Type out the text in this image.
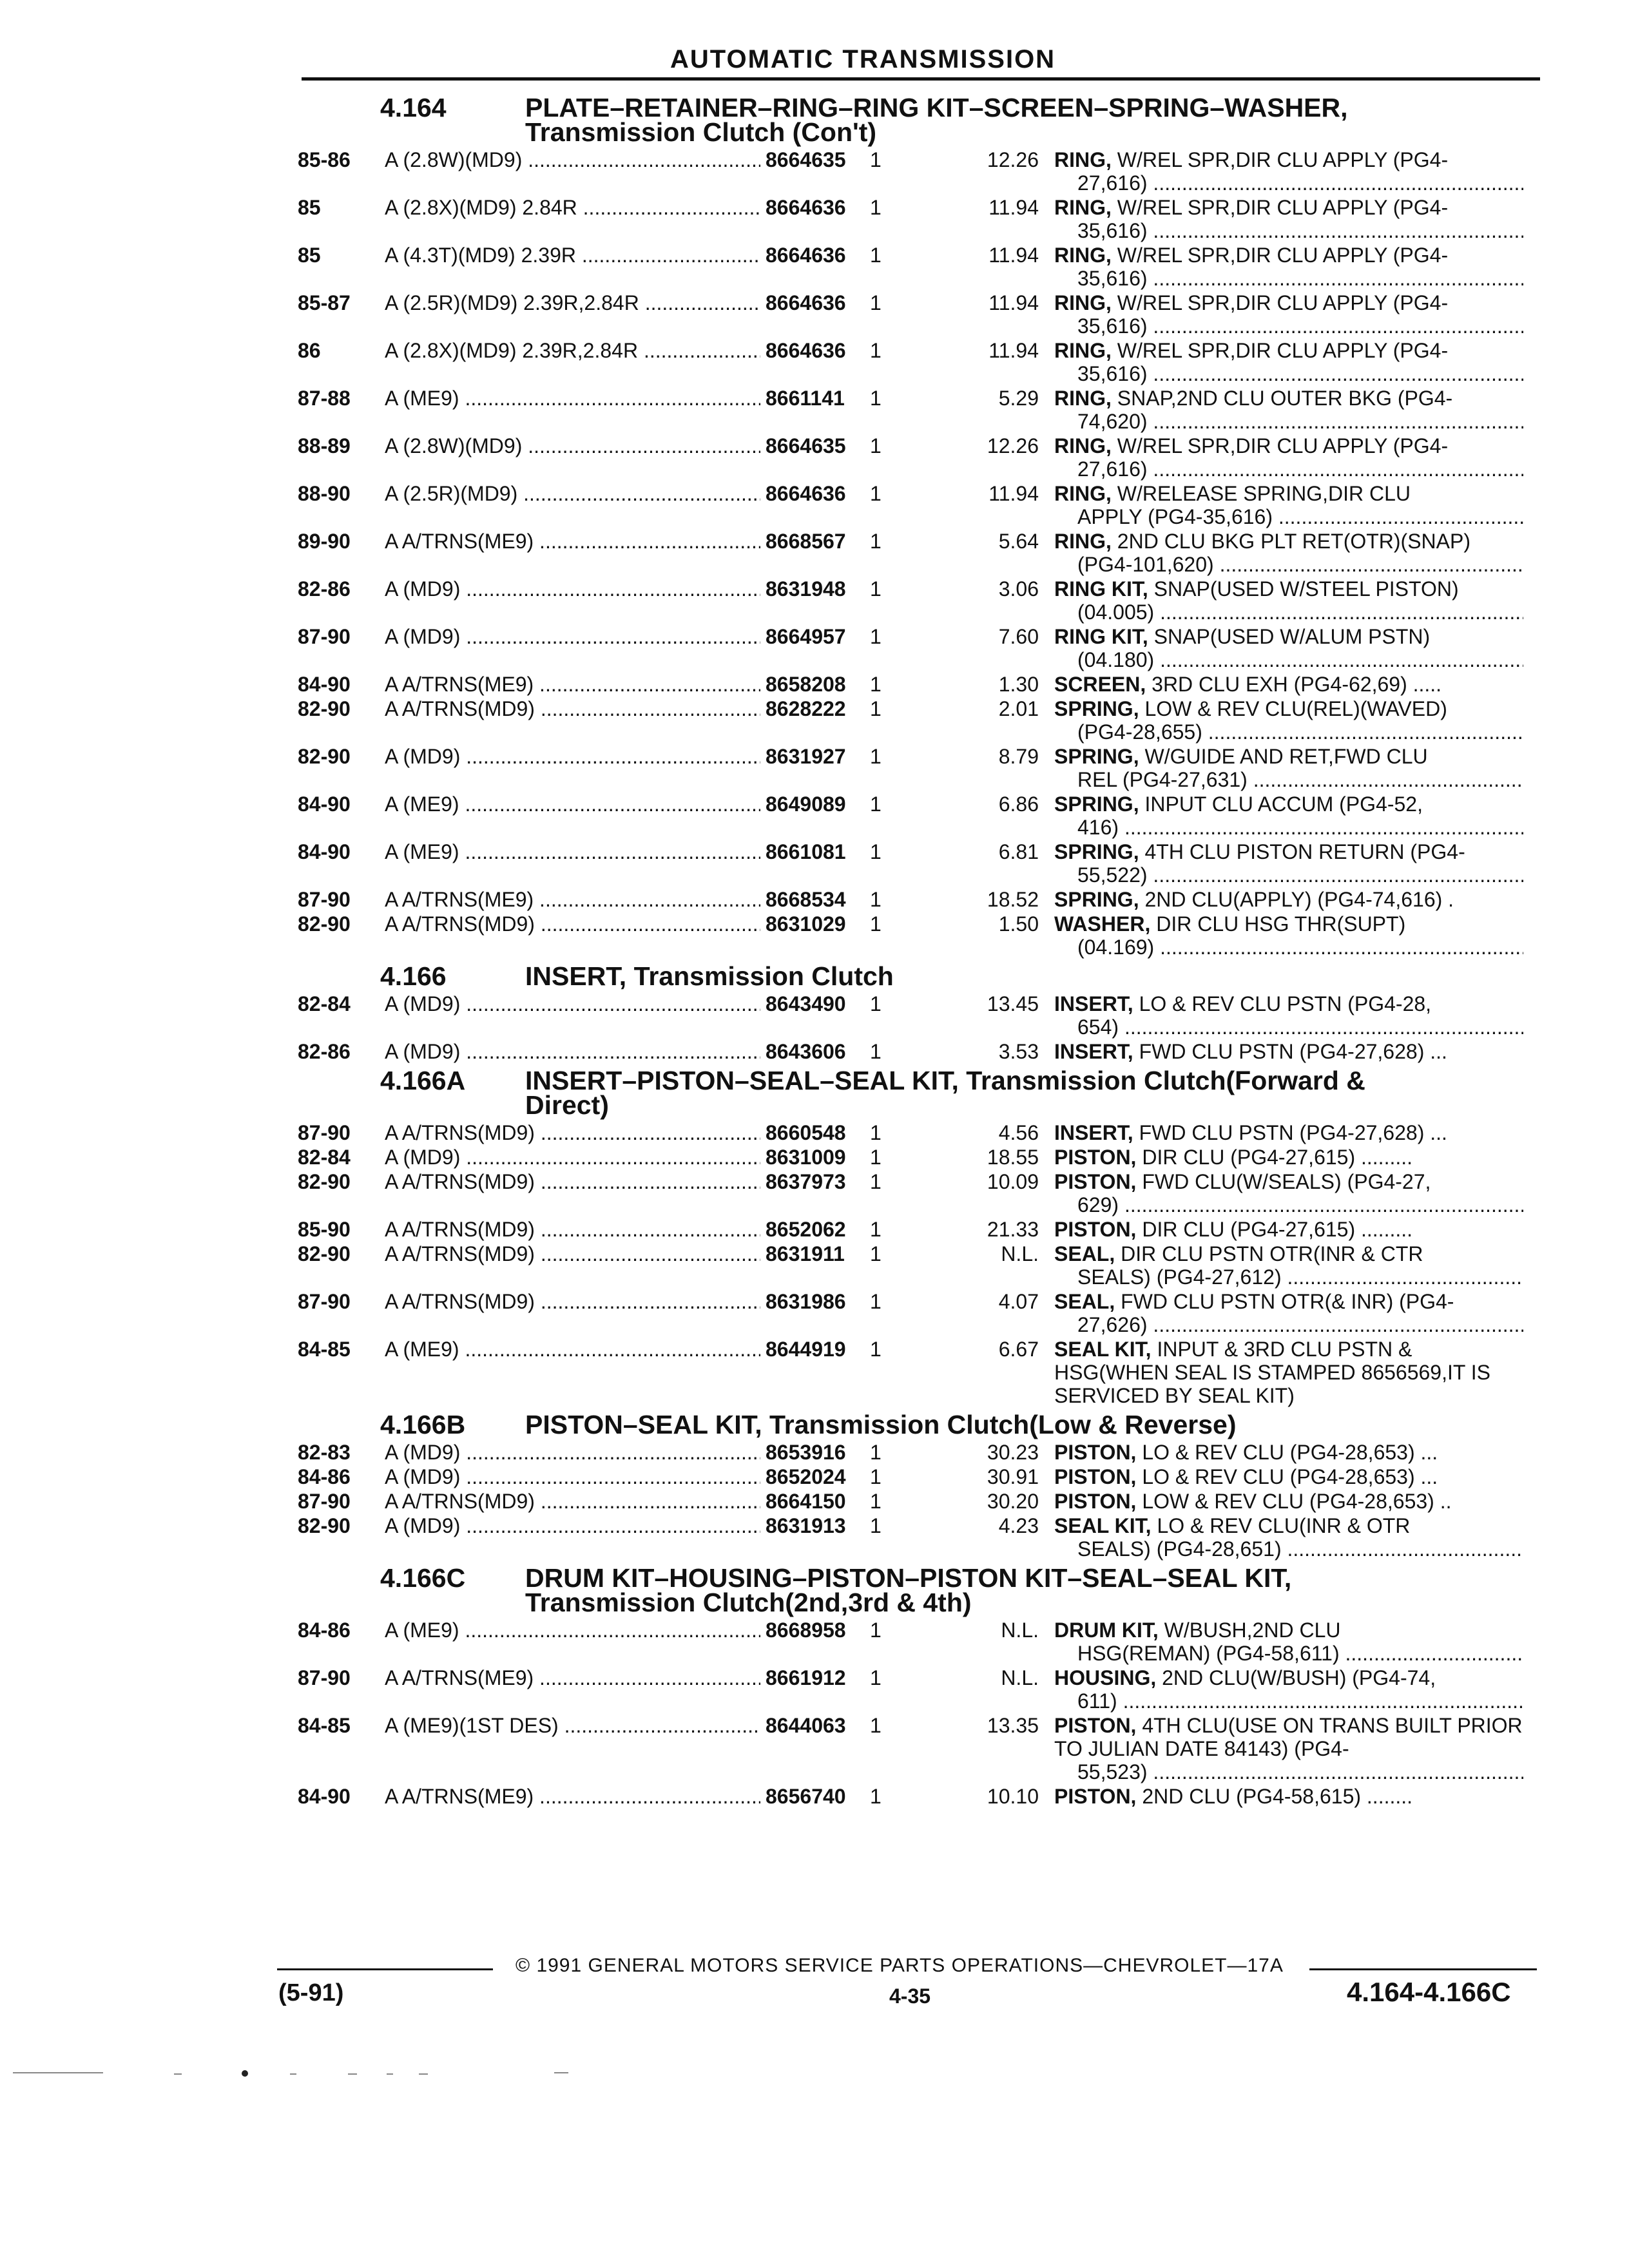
AUTOMATIC TRANSMISSION
4.164	PLATE–RETAINER–RING–RING KIT–SCREEN–SPRING–WASHER,
Transmission Clutch (Con't)
85-86	A (2.8W)(MD9) .....	8664635	1	12.26 RING, W/REL SPR,DIR CLU APPLY (PG4-
27,616) .....
85	A (2.8X)(MD9) 2.84R .....	8664636	1	11.94 RING, W/REL SPR,DIR CLU APPLY (PG4-
35,616) .....
85	A (4.3T)(MD9) 2.39R .....	8664636	1	11.94 RING, W/REL SPR,DIR CLU APPLY (PG4-
35,616) .....
85-87	A (2.5R)(MD9) 2.39R,2.84R .....	8664636	1	11.94 RING, W/REL SPR,DIR CLU APPLY (PG4-
35,616) .....
86	A (2.8X)(MD9) 2.39R,2.84R .....	8664636	1	11.94 RING, W/REL SPR,DIR CLU APPLY (PG4-
35,616) .....
87-88	A (ME9) .....	8661141	1	5.29 RING, SNAP,2ND CLU OUTER BKG (PG4-
74,620) .....
88-89	A (2.8W)(MD9) .....	8664635	1	12.26 RING, W/REL SPR,DIR CLU APPLY (PG4-
27,616) .....
88-90	A (2.5R)(MD9) .....	8664636	1	11.94 RING, W/RELEASE SPRING,DIR CLU
APPLY (PG4-35,616) .....
89-90	A A/TRNS(ME9) .....	8668567	1	5.64 RING, 2ND CLU BKG PLT RET(OTR)(SNAP)
(PG4-101,620) .....
82-86	A (MD9) .....	8631948	1	3.06 RING KIT, SNAP(USED W/STEEL PISTON)
(04.005) .....
87-90	A (MD9) .....	8664957	1	7.60 RING KIT, SNAP(USED W/ALUM PSTN)
(04.180) .....
84-90	A A/TRNS(ME9) .....	8658208	1	1.30 SCREEN, 3RD CLU EXH (PG4-62,69) .....
82-90	A A/TRNS(MD9) .....	8628222	1	2.01 SPRING, LOW & REV CLU(REL)(WAVED)
(PG4-28,655) .....
82-90	A (MD9) .....	8631927	1	8.79 SPRING, W/GUIDE AND RET,FWD CLU
REL (PG4-27,631) .....
84-90	A (ME9) .....	8649089	1	6.86 SPRING, INPUT CLU ACCUM (PG4-52,
416) .....
84-90	A (ME9) .....	8661081	1	6.81 SPRING, 4TH CLU PISTON RETURN (PG4-
55,522) .....
87-90	A A/TRNS(ME9) .....	8668534	1	18.52 SPRING, 2ND CLU(APPLY) (PG4-74,616) .
82-90	A A/TRNS(MD9) .....	8631029	1	1.50 WASHER, DIR CLU HSG THR(SUPT)
(04.169) .....
4.166	INSERT, Transmission Clutch
82-84	A (MD9) .....	8643490	1	13.45 INSERT, LO & REV CLU PSTN (PG4-28,
654) .....
82-86	A (MD9) .....	8643606	1	3.53 INSERT, FWD CLU PSTN (PG4-27,628) ...
4.166A	INSERT–PISTON–SEAL–SEAL KIT, Transmission Clutch(Forward &
Direct)
87-90	A A/TRNS(MD9) .....	8660548	1	4.56 INSERT, FWD CLU PSTN (PG4-27,628) ...
82-84	A (MD9) .....	8631009	1	18.55 PISTON, DIR CLU (PG4-27,615) .........
82-90	A A/TRNS(MD9) .....	8637973	1	10.09 PISTON, FWD CLU(W/SEALS) (PG4-27,
629) .....
85-90	A A/TRNS(MD9) .....	8652062	1	21.33 PISTON, DIR CLU (PG4-27,615) .........
82-90	A A/TRNS(MD9) .....	8631911	1	N.L. SEAL, DIR CLU PSTN OTR(INR & CTR
SEALS) (PG4-27,612) .....
87-90	A A/TRNS(MD9) .....	8631986	1	4.07 SEAL, FWD CLU PSTN OTR(& INR) (PG4-
27,626) .....
84-85	A (ME9) .....	8644919	1	6.67 SEAL KIT, INPUT & 3RD CLU PSTN & HSG(WHEN SEAL IS STAMPED 8656569,IT IS SERVICED BY SEAL KIT)
4.166B	PISTON–SEAL KIT, Transmission Clutch(Low & Reverse)
82-83	A (MD9) .....	8653916	1	30.23 PISTON, LO & REV CLU (PG4-28,653) ...
84-86	A (MD9) .....	8652024	1	30.91 PISTON, LO & REV CLU (PG4-28,653) ...
87-90	A A/TRNS(MD9) .....	8664150	1	30.20 PISTON, LOW & REV CLU (PG4-28,653) ..
82-90	A (MD9) .....	8631913	1	4.23 SEAL KIT, LO & REV CLU(INR & OTR
SEALS) (PG4-28,651) .....
4.166C	DRUM KIT–HOUSING–PISTON–PISTON KIT–SEAL–SEAL KIT,
Transmission Clutch(2nd,3rd & 4th)
84-86	A (ME9) .....	8668958	1	N.L. DRUM KIT, W/BUSH,2ND CLU
HSG(REMAN) (PG4-58,611) .....
87-90	A A/TRNS(ME9) .....	8661912	1	N.L. HOUSING, 2ND CLU(W/BUSH) (PG4-74,
611) .....
84-85	A (ME9)(1ST DES) .....	8644063	1	13.35 PISTON, 4TH CLU(USE ON TRANS BUILT PRIOR TO JULIAN DATE 84143) (PG4-
55,523) .....
84-90	A A/TRNS(ME9) .....	8656740	1	10.10 PISTON, 2ND CLU (PG4-58,615) ........
© 1991 GENERAL MOTORS SERVICE PARTS OPERATIONS—CHEVROLET—17A
(5-91)	4-35	4.164-4.166C
